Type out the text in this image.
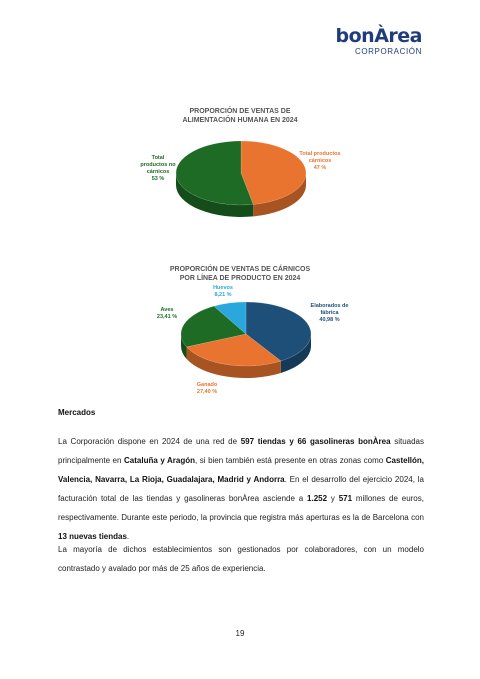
bonÀrea
CORPORACIÓN
PROPORCIÓN DE VENTAS DE
ALIMENTACIÓN HUMANA EN 2024
Total productos
cárnicos
47 %
Total
productos no
cárnicos
53 %
PROPORCIÓN DE VENTAS DE CÁRNICOS
POR LÍNEA DE PRODUCTO EN 2024
Huevos
8,21 %
Aves
23,41 %
Elaborados de
fábrica
40,98 %
Ganado
27,40 %
Mercados

La Corporación dispone en 2024 de una red de 597 tiendas y 66 gasolineras bonÀrea situadas principalmente en Cataluña y Aragón, si bien también está presente en otras zonas como Castellón, Valencia, Navarra, La Rioja, Guadalajara, Madrid y Andorra. En el desarrollo del ejercicio 2024, la facturación total de las tiendas y gasolineras bonÀrea asciende a 1.252 y 571 millones de euros, respectivamente. Durante este periodo, la provincia que registra más aperturas es la de Barcelona con 13 nuevas tiendas.

La mayoría de dichos establecimientos son gestionados por colaboradores, con un modelo contrastado y avalado por más de 25 años de experiencia.

19
